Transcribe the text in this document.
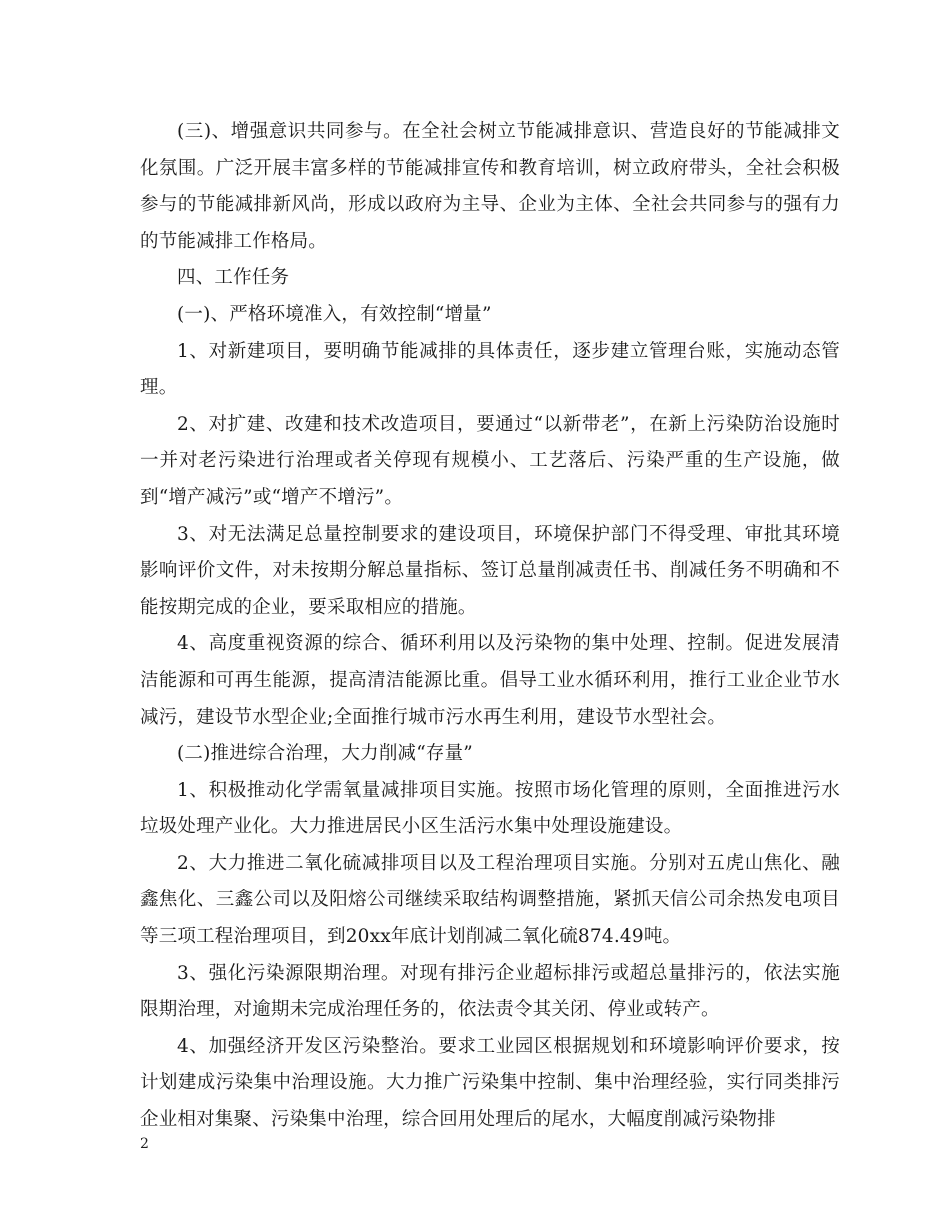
(三)、增强意识共同参与。在全社会树立节能减排意识、营造良好的节能减排文化氛围。广泛开展丰富多样的节能减排宣传和教育培训，树立政府带头，全社会积极参与的节能减排新风尚，形成以政府为主导、企业为主体、全社会共同参与的强有力的节能减排工作格局。

四、工作任务

(一)、严格环境准入，有效控制“增量”

1、对新建项目，要明确节能减排的具体责任，逐步建立管理台账，实施动态管理。

2、对扩建、改建和技术改造项目，要通过“以新带老”，在新上污染防治设施时一并对老污染进行治理或者关停现有规模小、工艺落后、污染严重的生产设施，做到“增产减污”或“增产不增污”。

3、对无法满足总量控制要求的建设项目，环境保护部门不得受理、审批其环境影响评价文件，对未按期分解总量指标、签订总量削减责任书、削减任务不明确和不能按期完成的企业，要采取相应的措施。

4、高度重视资源的综合、循环利用以及污染物的集中处理、控制。促进发展清洁能源和可再生能源，提高清洁能源比重。倡导工业水循环利用，推行工业企业节水减污，建设节水型企业;全面推行城市污水再生利用，建设节水型社会。

(二)推进综合治理，大力削减“存量”

1、积极推动化学需氧量减排项目实施。按照市场化管理的原则，全面推进污水垃圾处理产业化。大力推进居民小区生活污水集中处理设施建设。

2、大力推进二氧化硫减排项目以及工程治理项目实施。分别对五虎山焦化、融鑫焦化、三鑫公司以及阳熔公司继续采取结构调整措施，紧抓天信公司余热发电项目等三项工程治理项目，到20xx年底计划削减二氧化硫874.49吨。

3、强化污染源限期治理。对现有排污企业超标排污或超总量排污的，依法实施限期治理，对逾期未完成治理任务的，依法责令其关闭、停业或转产。

4、加强经济开发区污染整治。要求工业园区根据规划和环境影响评价要求，按计划建成污染集中治理设施。大力推广污染集中控制、集中治理经验，实行同类排污企业相对集聚、污染集中治理，综合回用处理后的尾水，大幅度削减污染物排

2
